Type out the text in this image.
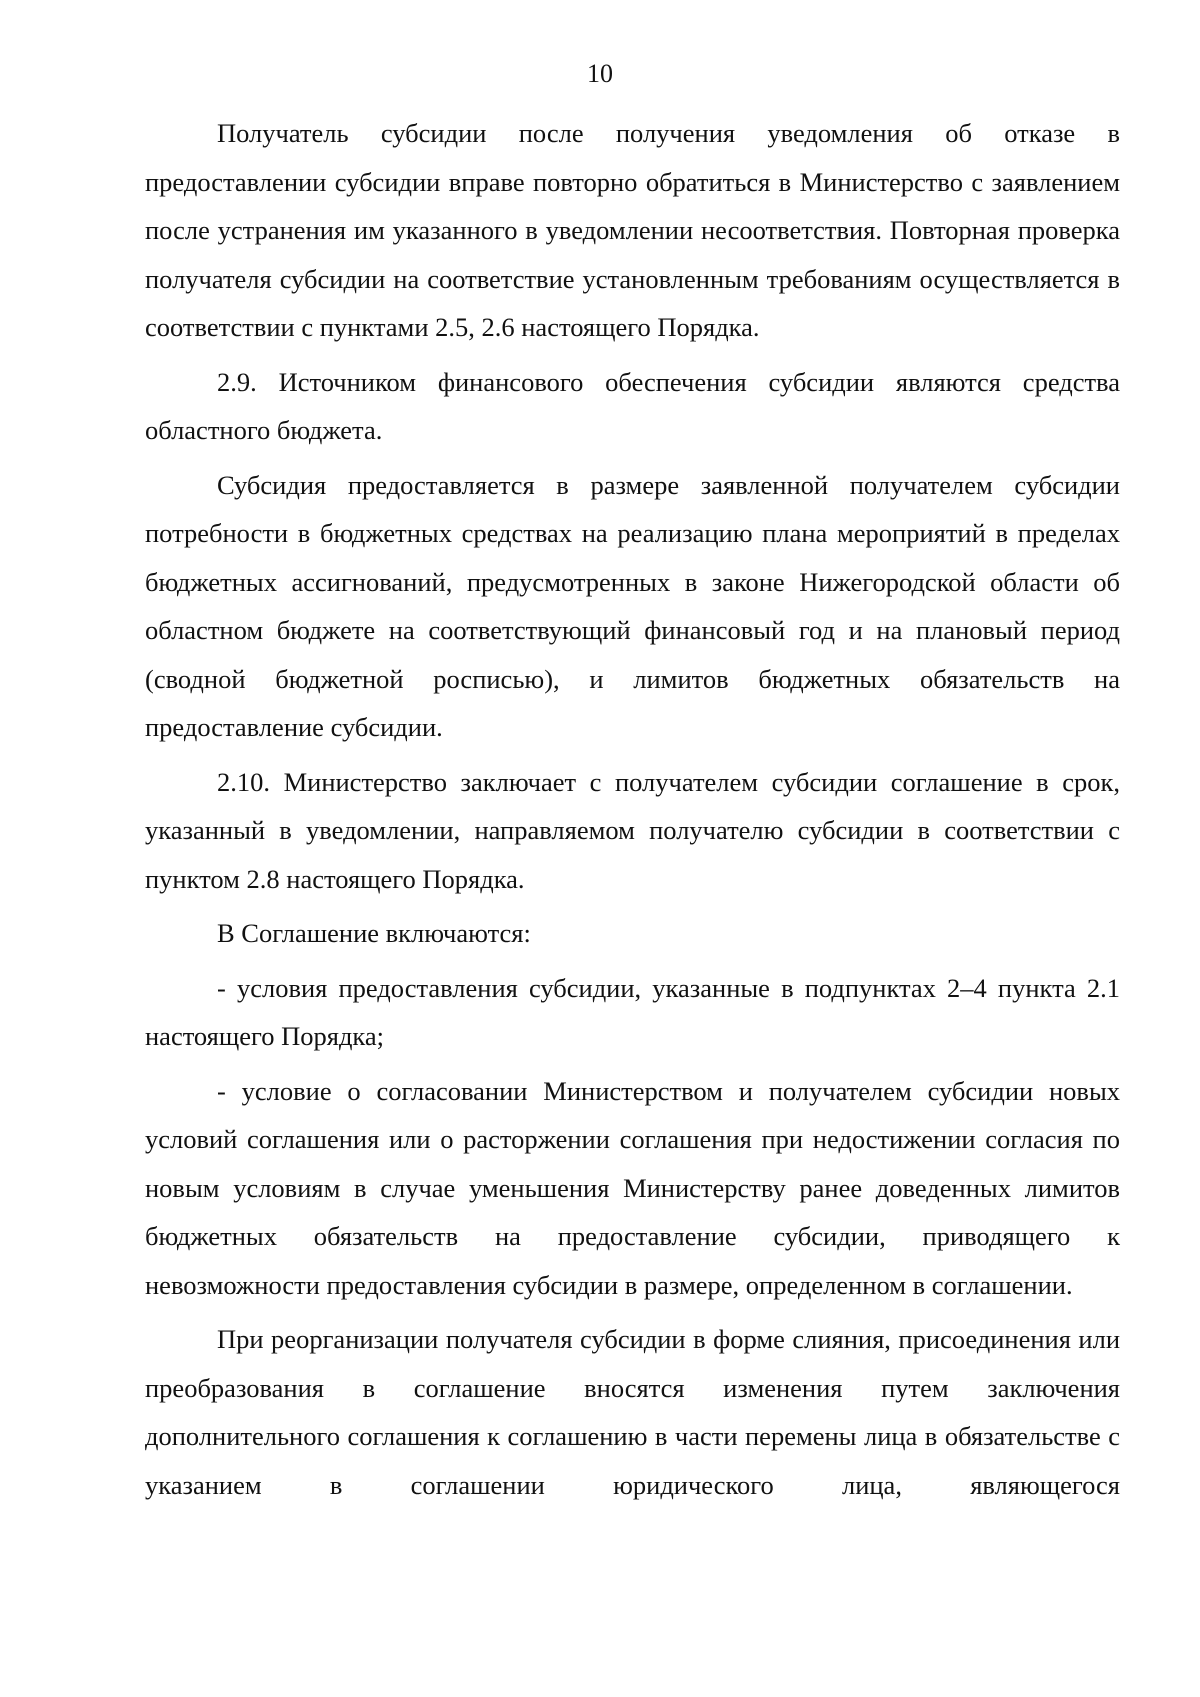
10

Получатель субсидии после получения уведомления об отказе в предоставлении субсидии вправе повторно обратиться в Министерство с заявлением после устранения им указанного в уведомлении несоответствия. Повторная проверка получателя субсидии на соответствие установленным требованиям осуществляется в соответствии с пунктами 2.5, 2.6 настоящего Порядка.

2.9. Источником финансового обеспечения субсидии являются средства областного бюджета.

Субсидия предоставляется в размере заявленной получателем субсидии потребности в бюджетных средствах на реализацию плана мероприятий в пределах бюджетных ассигнований, предусмотренных в законе Нижегородской области об областном бюджете на соответствующий финансовый год и на плановый период (сводной бюджетной росписью), и лимитов бюджетных обязательств на предоставление субсидии.

2.10. Министерство заключает с получателем субсидии соглашение в срок, указанный в уведомлении, направляемом получателю субсидии в соответствии с пунктом 2.8 настоящего Порядка.

В Соглашение включаются:

- условия предоставления субсидии, указанные в подпунктах 2–4 пункта 2.1 настоящего Порядка;

- условие о согласовании Министерством и получателем субсидии новых условий соглашения или о расторжении соглашения при недостижении согласия по новым условиям в случае уменьшения Министерству ранее доведенных лимитов бюджетных обязательств на предоставление субсидии, приводящего к невозможности предоставления субсидии в размере, определенном в соглашении.

При реорганизации получателя субсидии в форме слияния, присоединения или преобразования в соглашение вносятся изменения путем заключения дополнительного соглашения к соглашению в части перемены лица в обязательстве с указанием в соглашении юридического лица, являющегося
